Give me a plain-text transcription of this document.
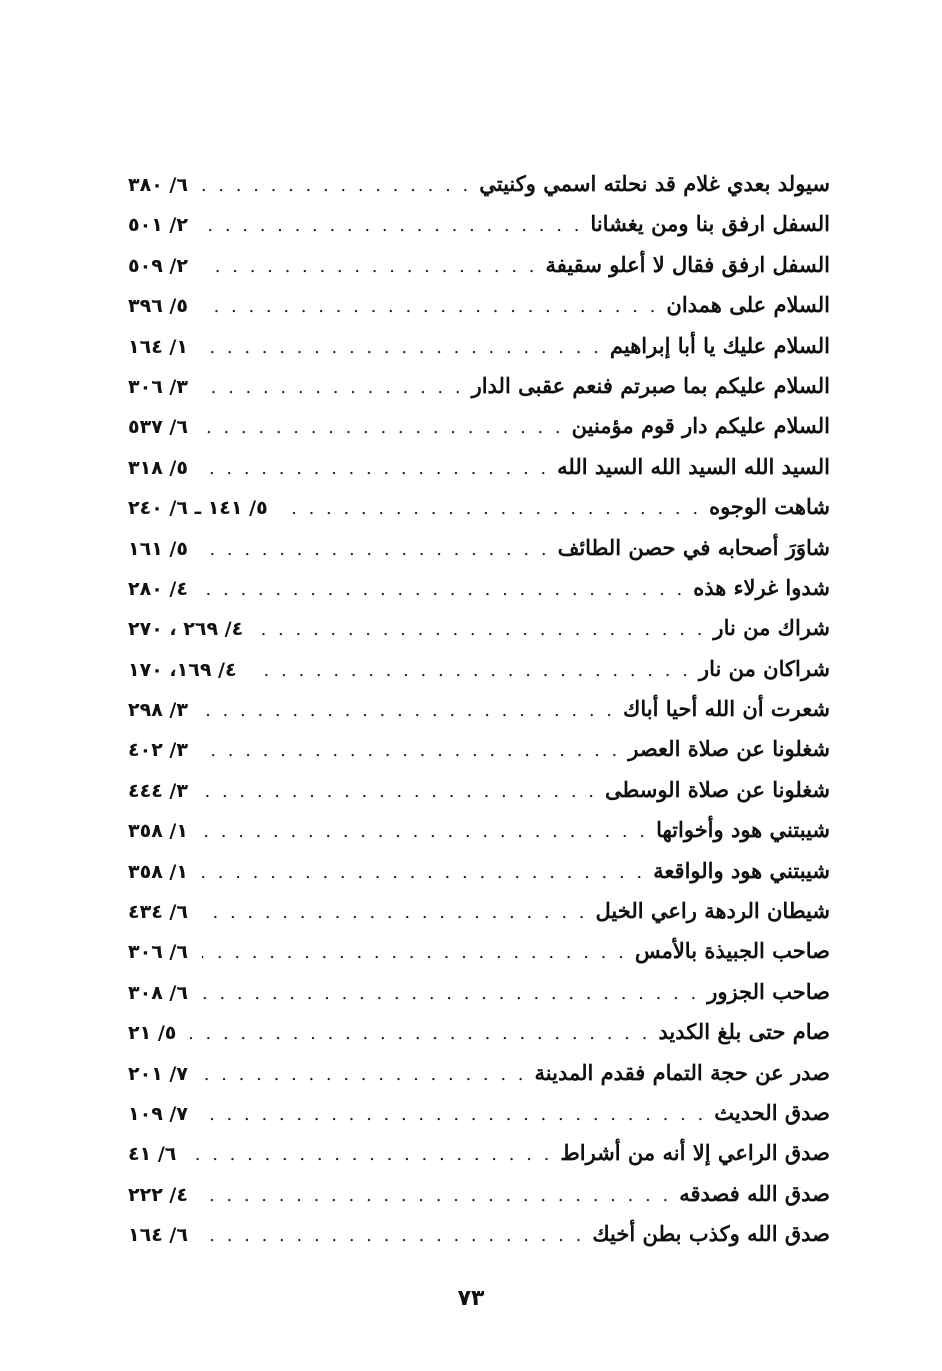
سيولد بعدي غلام قد نحلته اسمي وكنيتي
. . .
٦/ ٣٨٠
السفل ارفق بنا ومن يغشانا
. . .
٢/ ٥٠١
السفل ارفق فقال لا أعلو سقيفة
. . .
٢/ ٥٠٩
السلام على همدان
. . .
٥/ ٣٩٦
السلام عليك يا أبا إبراهيم
. . .
١/ ١٦٤
السلام عليكم بما صبرتم فنعم عقبى الدار
. . .
٣/ ٣٠٦
السلام عليكم دار قوم مؤمنين
. . .
٦/ ٥٣٧
السيد الله السيد الله السيد الله
. . .
٥/ ٣١٨
شاهت الوجوه
. . .
٥/ ١٤١ ـ ٦/ ٢٤٠
شاوَرَ أصحابه في حصن الطائف
. . .
٥/ ١٦١
شدوا غرلاء هذه
. . .
٤/ ٢٨٠
شراك من نار
. . .
٤/ ٢٦٩ ، ٢٧٠
شراكان من نار
. . .
٤/ ١٦٩، ١٧٠
شعرت أن الله أحيا أباك
. . .
٣/ ٢٩٨
شغلونا عن صلاة العصر
. . .
٣/ ٤٠٢
شغلونا عن صلاة الوسطى
. . .
٣/ ٤٤٤
شيبتني هود وأخواتها
. . .
١/ ٣٥٨
شيبتني هود والواقعة
. . .
١/ ٣٥٨
شيطان الردهة راعي الخيل
. . .
٦/ ٤٣٤
صاحب الجبيذة بالأمس
. . .
٦/ ٣٠٦
صاحب الجزور
. . .
٦/ ٣٠٨
صام حتى بلغ الكديد
. . .
٥/ ٢١
صدر عن حجة التمام فقدم المدينة
. . .
٧/ ٢٠١
صدق الحديث
. . .
٧/ ١٠٩
صدق الراعي إلا أنه من أشراط
. . .
٦/ ٤١
صدق الله فصدقه
. . .
٤/ ٢٢٢
صدق الله وكذب بطن أخيك
. . .
٦/ ١٦٤
٧٣
